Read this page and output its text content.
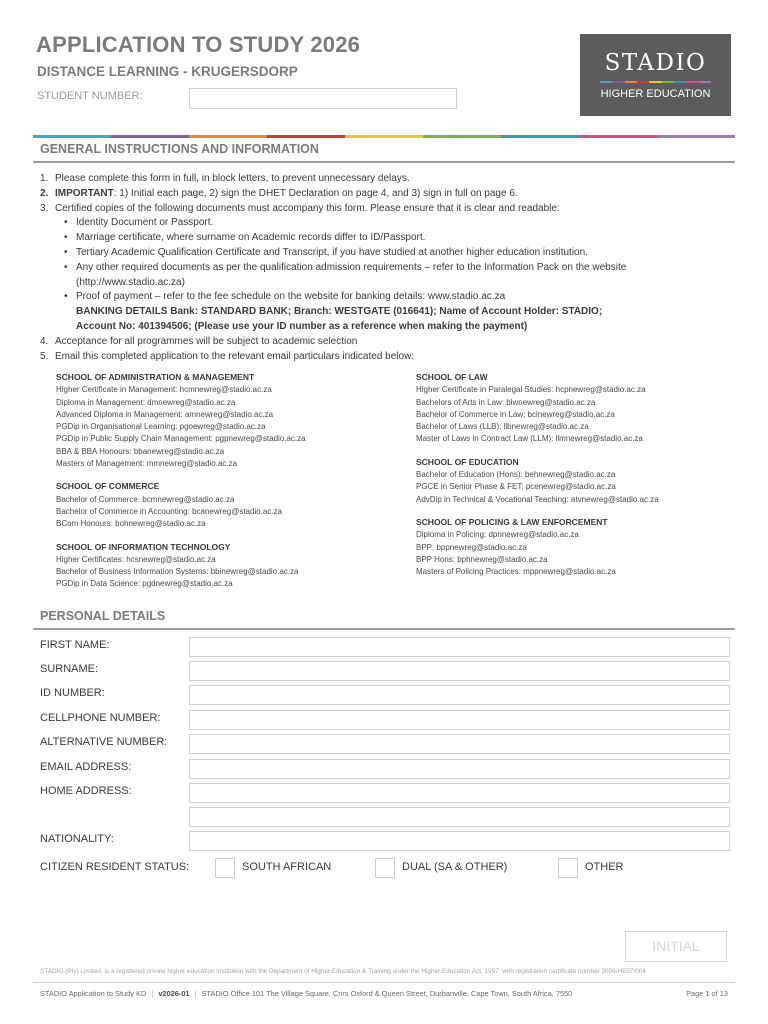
APPLICATION TO STUDY 2026
DISTANCE LEARNING - KRUGERSDORP
STUDENT NUMBER:
STADIO
HIGHER EDUCATION
GENERAL INSTRUCTIONS AND INFORMATION
1. Please complete this form in full, in block letters, to prevent unnecessary delays.
2. IMPORTANT: 1) Initial each page, 2) sign the DHET Declaration on page 4, and 3) sign in full on page 6.
3. Certified copies of the following documents must accompany this form. Please ensure that it is clear and readable:
• Identity Document or Passport.
• Marriage certificate, where surname on Academic records differ to ID/Passport.
• Tertiary Academic Qualification Certificate and Transcript, if you have studied at another higher education institution.
• Any other required documents as per the qualification admission requirements – refer to the Information Pack on the website
(http://www.stadio.ac.za)
• Proof of payment – refer to the fee schedule on the website for banking details: www.stadio.ac.za
BANKING DETAILS Bank: STANDARD BANK; Branch: WESTGATE (016641); Name of Account Holder: STADIO;
Account No: 401394506; (Please use your ID number as a reference when making the payment)
4. Acceptance for all programmes will be subject to academic selection
5. Email this completed application to the relevant email particulars indicated below:
SCHOOL OF ADMINISTRATION & MANAGEMENT
Higher Certificate in Management: hcmnewreg@stadio.ac.za
Diploma in Management: dmnewreg@stadio.ac.za
Advanced Diploma in Management: amnewreg@stadio.ac.za
PGDip in Organisational Learning: pgoewreg@stadio.ac.za
PGDip in Public Supply Chain Management: pgpnewreg@stadio.ac.za
BBA & BBA Honours: bbanewreg@stadio.ac.za
Masters of Management: mmnewreg@stadio.ac.za
SCHOOL OF COMMERCE
Bachelor of Commerce: bcmnewreg@stadio.ac.za
Bachelor of Commerce in Accounting: bcanewreg@stadio.ac.za
BCom Honours: bohnewreg@stadio.ac.za
SCHOOL OF INFORMATION TECHNOLOGY
Higher Certificates: hcsnewreg@stadio.ac.za
Bachelor of Business Information Systems: bbinewreg@stadio.ac.za
PGDip in Data Science: pgdnewreg@stadio.ac.za
SCHOOL OF LAW
Higher Certificate in Paralegal Studies: hcpnewreg@stadio.ac.za
Bachelors of Arts in Law: blwnewreg@stadio.ac.za
Bachelor of Commerce in Law: bclnewreg@stadio.ac.za
Bachelor of Laws (LLB): llbnewreg@stadio.ac.za
Master of Laws in Contract Law (LLM): llmnewreg@stadio.ac.za
SCHOOL OF EDUCATION
Bachelor of Education (Hons): behnewreg@stadio.ac.za
PGCE in Senior Phase & FET: pcenewreg@stadio.ac.za
AdvDip in Technical & Vocational Teaching: atvnewreg@stadio.ac.za
SCHOOL OF POLICING & LAW ENFORCEMENT
Diploma in Policing: dpnnewreg@stadio.ac.za
BPP: bppnewreg@stadio.ac.za
BPP Hons: bphnewreg@stadio.ac.za
Masters of Policing Practices: mppnewreg@stadio.ac.za
PERSONAL DETAILS
FIRST NAME:
SURNAME:
ID NUMBER:
CELLPHONE NUMBER:
ALTERNATIVE NUMBER:
EMAIL ADDRESS:
HOME ADDRESS:
NATIONALITY:
CITIZEN RESIDENT STATUS:	SOUTH AFRICAN	DUAL (SA & OTHER)	OTHER
INITIAL
STADIO (Pty) Limited, is a registered private higher education institution with the Department of Higher Education & Training under the Higher Education Act, 1997, with registration certificate number 2006/HE07/004
STADIO Application to Study KD | v2026-01 | STADIO Office 101 The Village Square, Cnrs Oxford & Queen Street, Durbanville, Cape Town, South Africa, 7550	Page 1 of 13
